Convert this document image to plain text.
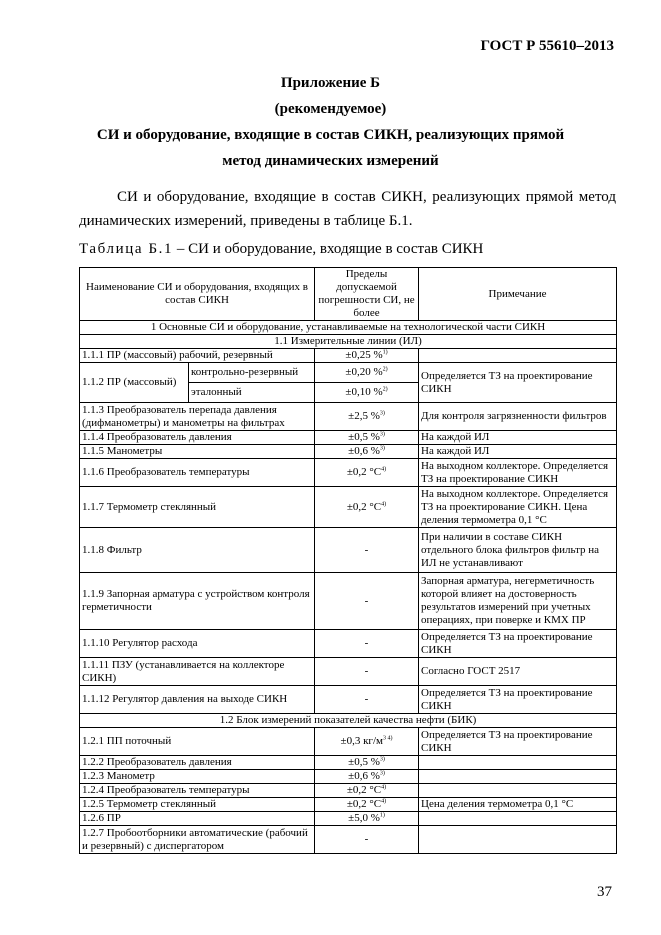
ГОСТ Р 55610–2013
Приложение Б
(рекомендуемое)
СИ и оборудование, входящие в состав СИКН, реализующих прямой
метод динамических измерений
СИ и оборудование, входящие в состав СИКН, реализующих прямой метод динамических измерений, приведены в таблице Б.1.
Таблица Б.1 – СИ и оборудование, входящие в состав СИКН
Наименование СИ и оборудования, входящих в состав СИКН		Пределы допускаемой погрешности СИ, не более	Примечание
1 Основные СИ и оборудование, устанавливаемые на технологической части СИКН			
1.1 Измерительные линии (ИЛ)			
1.1.1 ПР (массовый) рабочий, резервный		±0,25 %$^{1)}$	
1.1.2 ПР (массовый)	контрольно-резервный	±0,20 %$^{2)}$	Определяется ТЗ на проектирование СИКН
	эталонный	±0,10 %$^{2)}$
1.1.3 Преобразователь перепада давления (дифманометры) и манометры на фильтрах		±2,5 %$^{3)}$	Для контроля загрязненности фильтров
1.1.4 Преобразователь давления		±0,5 %$^{3)}$	На каждой ИЛ
1.1.5 Манометры		±0,6 %$^{3)}$	На каждой ИЛ
1.1.6 Преобразователь температуры		±0,2 $^\circ С^{4)}$	На выходном коллекторе. Определяется ТЗ на проектирование СИКН
1.1.7 Термометр стеклянный		±0,2 $^\circ С^{4)}$	На выходном коллекторе. Определяется ТЗ на проектирование СИКН. Цена деления термометра 0,1 °С
1.1.8 Фильтр		-	При наличии в составе СИКН отдельного блока фильтров фильтр на ИЛ не устанавливают
1.1.9 Запорная арматура с устройством контроля герметичности		-	Запорная арматура, негерметичность которой влияет на достоверность результатов измерений при учетных операциях, при поверке и КМХ ПР
1.1.10 Регулятор расхода		-	Определяется ТЗ на проектирование СИКН
1.1.11 ПЗУ (устанавливается на коллекторе СИКН)		-	Согласно ГОСТ 2517
1.1.12 Регулятор давления на выходе СИКН		-	Определяется ТЗ на проектирование СИКН
1.2 Блок измерений показателей качества нефти (БИК)			
1.2.1 ПП поточный		±0,3 $кг/м^{3 4)}$	Определяется ТЗ на проектирование СИКН
1.2.2 Преобразователь давления		±0,5 %$^{3)}$	
1.2.3 Манометр		±0,6 %$^{3)}$	
1.2.4 Преобразователь температуры		±0,2 $^\circ С^{4)}$	
1.2.5 Термометр стеклянный		±0,2 $^\circ С^{4)}$	Цена деления термометра 0,1 °С
1.2.6 ПР		±5,0 %$^{1)}$	
1.2.7 Пробоотборники автоматические (рабочий и резервный) с диспергатором		-	
37
